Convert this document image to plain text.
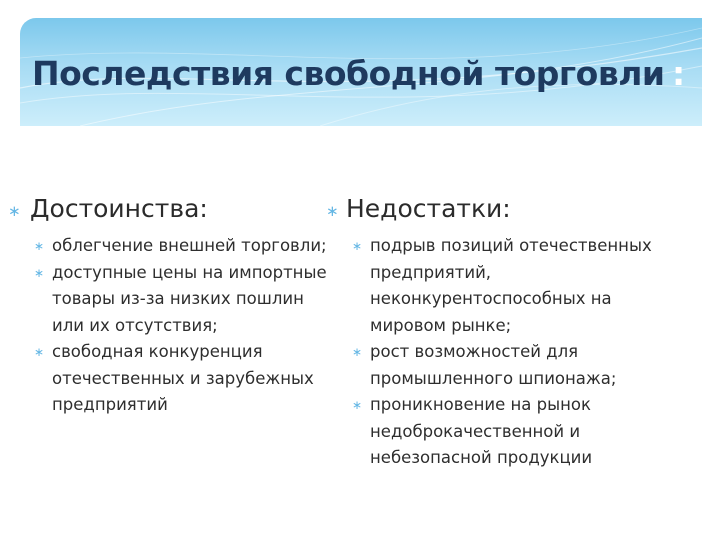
Последствия свободной торговли :
∗ Достоинства:	∗ Недостатки:
∗ облегчение внешней торговли;
∗ доступные цены на импортные товары из-за низких пошлин или их отсутствия;
∗ свободная конкуренция отечественных и зарубежных предприятий
∗ подрыв позиций отечественных предприятий, неконкурентоспособных на мировом рынке;
∗ рост возможностей для промышленного шпионажа;
∗ проникновение на рынок недоброкачественной и небезопасной продукции
